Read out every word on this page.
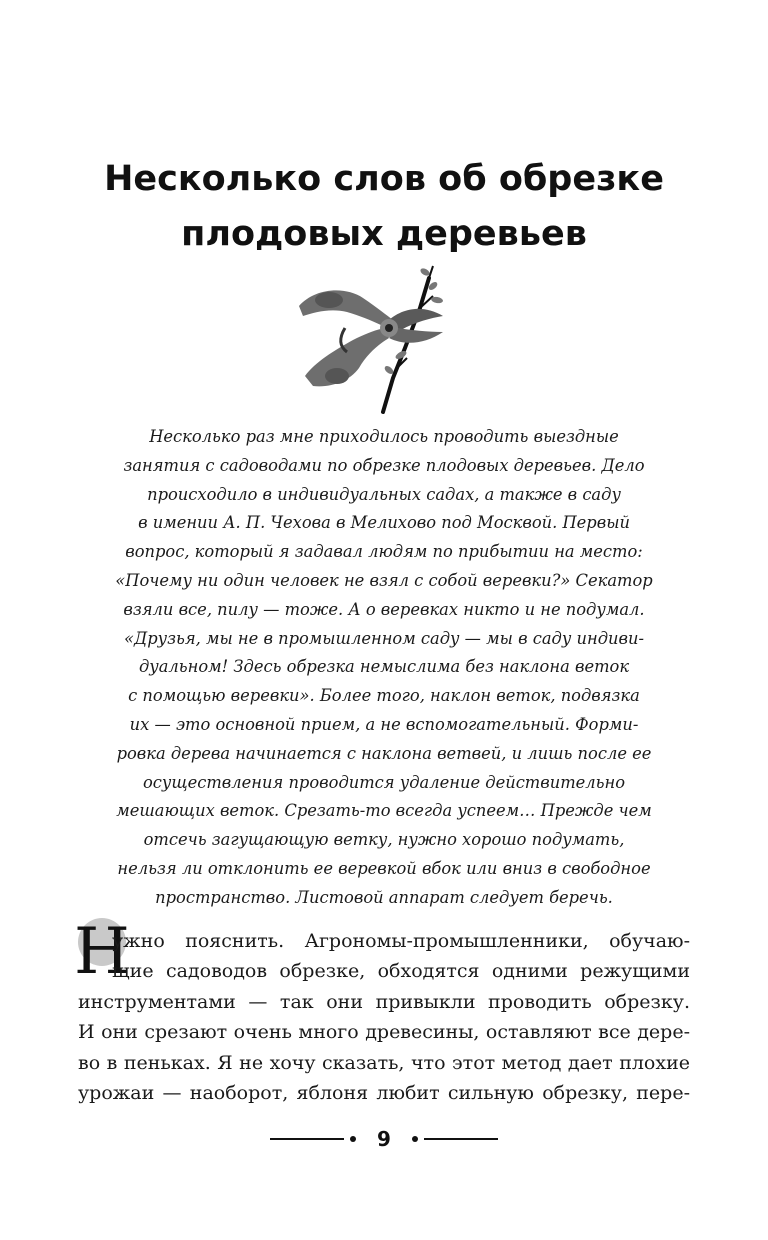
Несколько слов об обрезке
плодовых деревьев
Несколько раз мне приходилось проводить выездные
занятия с садоводами по обрезке плодовых деревьев. Дело
происходило в индивидуальных садах, а также в саду
в имении А. П. Чехова в Мелихово под Москвой. Первый
вопрос, который я задавал людям по прибытии на место:
«Почему ни один человек не взял с собой веревки?» Секатор
взяли все, пилу — тоже. А о веревках никто и не подумал.
«Друзья, мы не в промышленном саду — мы в саду индиви-
дуальном! Здесь обрезка немыслима без наклона веток
с помощью веревки». Более того, наклон веток, подвязка
их — это основной прием, а не вспомогательный. Форми-
ровка дерева начинается с наклона ветвей, и лишь после ее
осуществления проводится удаление действительно
мешающих веток. Срезать-то всегда успеем… Прежде чем
отсечь загущающую ветку, нужно хорошо подумать,
нельзя ли отклонить ее веревкой вбок или вниз в свободное
пространство. Листовой аппарат следует беречь.
Н
ужно пояснить. Агрономы-промышленники, обучаю-
щие садоводов обрезке, обходятся одними режущими
инструментами — так они привыкли проводить обрезку.
И они срезают очень много древесины, оставляют все дере-
во в пеньках. Я не хочу сказать, что этот метод дает плохие
урожаи — наоборот, яблоня любит сильную обрезку, пере-
9
